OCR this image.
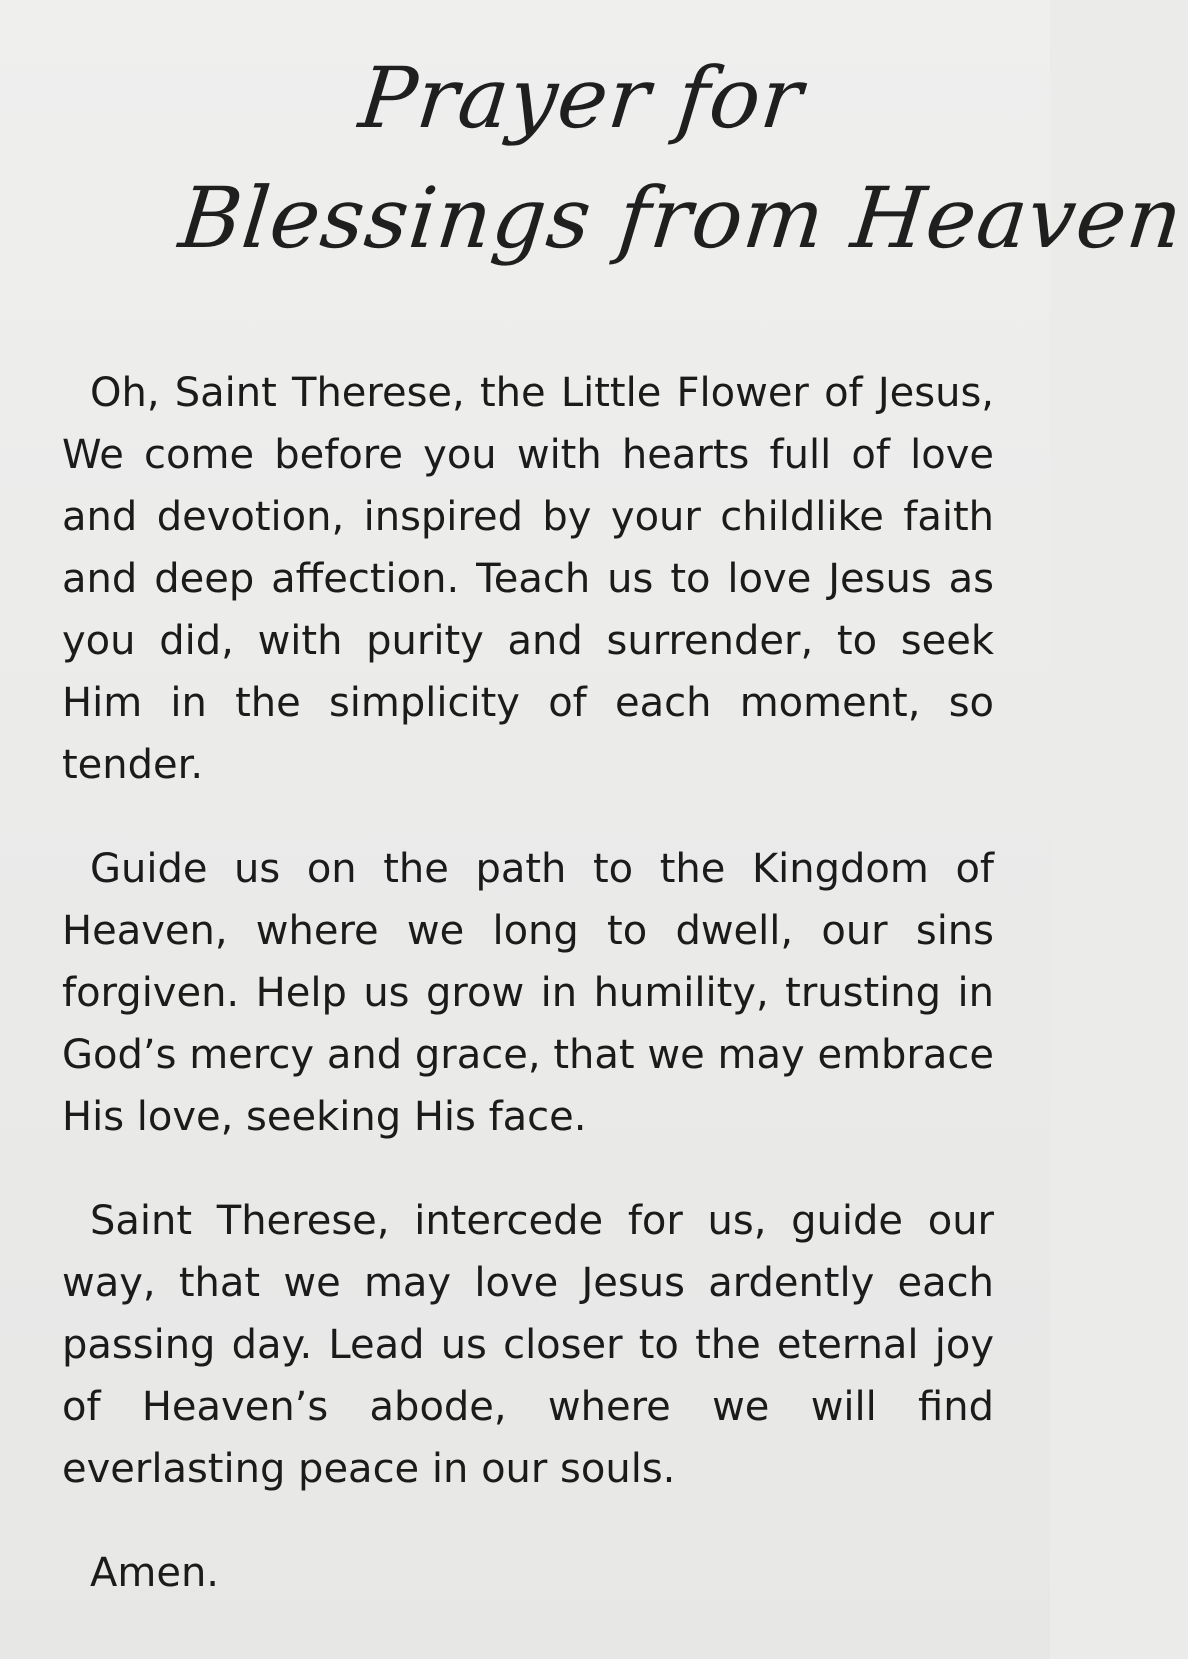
Prayer for
Blessings from Heaven

Oh, Saint Therese, the Little Flower of Jesus, We come before you with hearts full of love and devotion, inspired by your childlike faith and deep affection. Teach us to love Jesus as you did, with purity and surrender, to seek Him in the simplicity of each moment, so tender.

Guide us on the path to the Kingdom of Heaven, where we long to dwell, our sins forgiven. Help us grow in humility, trusting in God’s mercy and grace, that we may embrace His love, seeking His face.

Saint Therese, intercede for us, guide our way, that we may love Jesus ardently each passing day. Lead us closer to the eternal joy of Heaven’s abode, where we will find everlasting peace in our souls.

Amen.
